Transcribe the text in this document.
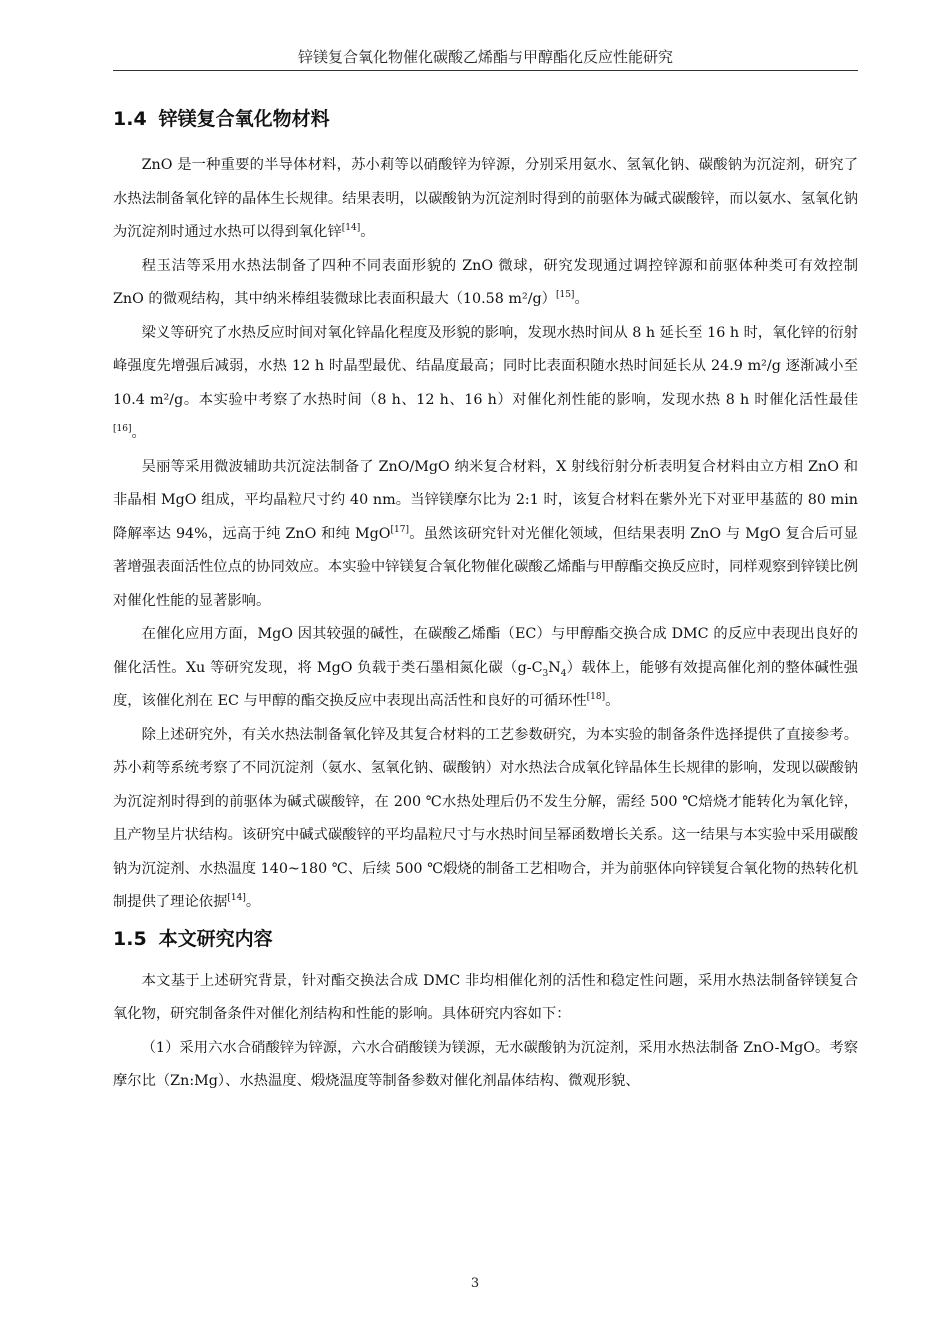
锌镁复合氧化物催化碳酸乙烯酯与甲醇酯化反应性能研究
1.4 锌镁复合氧化物材料

ZnO 是一种重要的半导体材料，苏小莉等以硝酸锌为锌源，分别采用氨水、氢氧化钠、碳酸钠为沉淀剂，研究了水热法制备氧化锌的晶体生长规律。结果表明，以碳酸钠为沉淀剂时得到的前驱体为碱式碳酸锌，而以氨水、氢氧化钠为沉淀剂时通过水热可以得到氧化锌[14]。

程玉洁等采用水热法制备了四种不同表面形貌的 ZnO 微球，研究发现通过调控锌源和前驱体种类可有效控制 ZnO 的微观结构，其中纳米棒组装微球比表面积最大（10.58 m²/g）[15]。

梁义等研究了水热反应时间对氧化锌晶化程度及形貌的影响，发现水热时间从 8 h 延长至 16 h 时，氧化锌的衍射峰强度先增强后减弱，水热 12 h 时晶型最优、结晶度最高；同时比表面积随水热时间延长从 24.9 m²/g 逐渐减小至 10.4 m²/g。本实验中考察了水热时间（8 h、12 h、16 h）对催化剂性能的影响，发现水热 8 h 时催化活性最佳[16]。

吴丽等采用微波辅助共沉淀法制备了 ZnO/MgO 纳米复合材料，X 射线衍射分析表明复合材料由立方相 ZnO 和非晶相 MgO 组成，平均晶粒尺寸约 40 nm。当锌镁摩尔比为 2:1 时，该复合材料在紫外光下对亚甲基蓝的 80 min 降解率达 94%，远高于纯 ZnO 和纯 MgO[17]。虽然该研究针对光催化领域，但结果表明 ZnO 与 MgO 复合后可显著增强表面活性位点的协同效应。本实验中锌镁复合氧化物催化碳酸乙烯酯与甲醇酯交换反应时，同样观察到锌镁比例对催化性能的显著影响。

在催化应用方面，MgO 因其较强的碱性，在碳酸乙烯酯（EC）与甲醇酯交换合成 DMC 的反应中表现出良好的催化活性。Xu 等研究发现，将 MgO 负载于类石墨相氮化碳$(g-C_3N_4)$载体上，能够有效提高催化剂的整体碱性强度，该催化剂在 EC 与甲醇的酯交换反应中表现出高活性和良好的可循环性[18]。

除上述研究外，有关水热法制备氧化锌及其复合材料的工艺参数研究，为本实验的制备条件选择提供了直接参考。苏小莉等系统考察了不同沉淀剂（氨水、氢氧化钠、碳酸钠）对水热法合成氧化锌晶体生长规律的影响，发现以碳酸钠为沉淀剂时得到的前驱体为碱式碳酸锌，在 200 ℃水热处理后仍不发生分解，需经 500 ℃焙烧才能转化为氧化锌，且产物呈片状结构。该研究中碱式碳酸锌的平均晶粒尺寸与水热时间呈幂函数增长关系。这一结果与本实验中采用碳酸钠为沉淀剂、水热温度 140~180 ℃、后续 500 ℃煅烧的制备工艺相吻合，并为前驱体向锌镁复合氧化物的热转化机制提供了理论依据[14]。

1.5 本文研究内容

本文基于上述研究背景，针对酯交换法合成 DMC 非均相催化剂的活性和稳定性问题，采用水热法制备锌镁复合氧化物，研究制备条件对催化剂结构和性能的影响。具体研究内容如下：

（1）采用六水合硝酸锌为锌源，六水合硝酸镁为镁源，无水碳酸钠为沉淀剂，采用水热法制备 ZnO-MgO。考察摩尔比（Zn:Mg）、水热温度、煅烧温度等制备参数对催化剂晶体结构、微观形貌、

3
